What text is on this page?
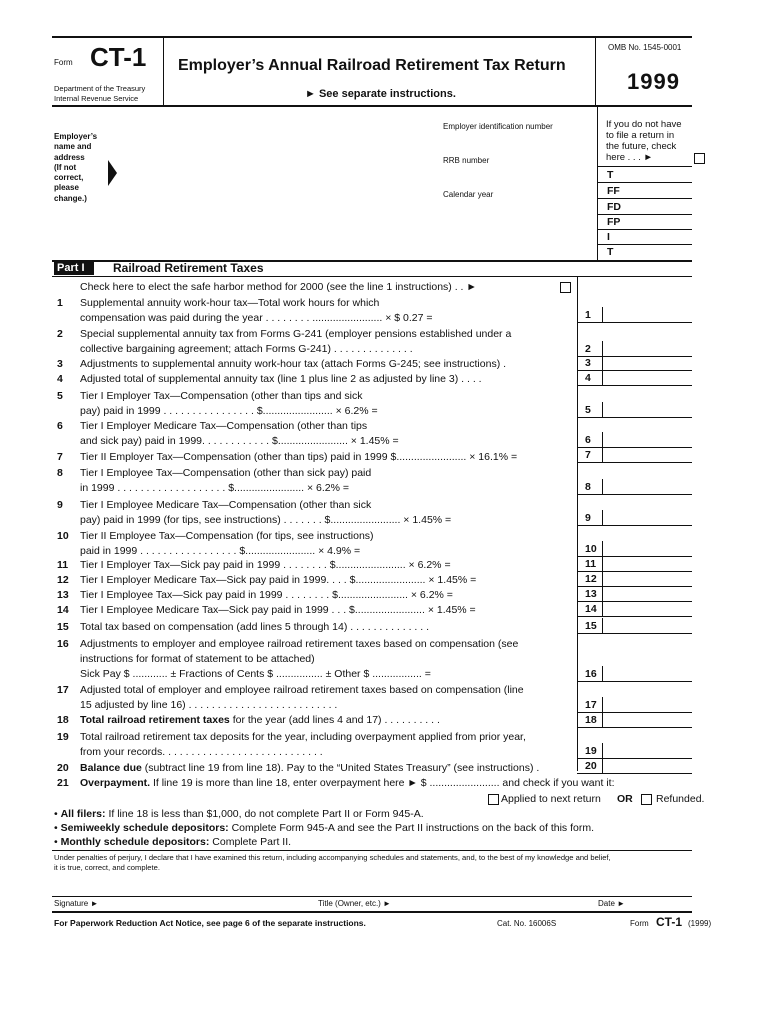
Form CT-1
Department of the Treasury
Internal Revenue Service
Employer’s Annual Railroad Retirement Tax Return
► See separate instructions.
OMB No. 1545-0001
1999
Employer’s
name and
address
(If not
correct,
please
change.)
Employer identification number
RRB number
Calendar year
If you do not have
to file a return in
the future, check
here . . . ►
T
FF
FD
FP
I
T
Part I Railroad Retirement Taxes
Check here to elect the safe harbor method for 2000 (see the line 1 instructions) . . ►
1	Supplemental annuity work-hour tax—Total work hours for which
compensation was paid during the year . . . . . . . . ........................ × $ 0.27 =	1
2	Special supplemental annuity tax from Forms G-241 (employer pensions established under a
collective bargaining agreement; attach Forms G-241) . . . . . . . . . . . . . .	2
3	Adjustments to supplemental annuity work-hour tax (attach Forms G-245; see instructions) .	3
4	Adjusted total of supplemental annuity tax (line 1 plus line 2 as adjusted by line 3) . . . .	4
5	Tier I Employer Tax—Compensation (other than tips and sick
pay) paid in 1999 . . . . . . . . . . . . . . . . $........................ × 6.2% =	5
6	Tier I Employer Medicare Tax—Compensation (other than tips
and sick pay) paid in 1999. . . . . . . . . . . . $........................ × 1.45% =	6
7	Tier II Employer Tax—Compensation (other than tips) paid in 1999 $........................ × 16.1% =	7
8	Tier I Employee Tax—Compensation (other than sick pay) paid
in 1999 . . . . . . . . . . . . . . . . . . . $........................ × 6.2% =	8
9	Tier I Employee Medicare Tax—Compensation (other than sick
pay) paid in 1999 (for tips, see instructions) . . . . . . . $........................ × 1.45% =	9
10	Tier II Employee Tax—Compensation (for tips, see instructions)
paid in 1999 . . . . . . . . . . . . . . . . . $........................ × 4.9% =	10
11	Tier I Employer Tax—Sick pay paid in 1999 . . . . . . . . $........................ × 6.2% =	11
12	Tier I Employer Medicare Tax—Sick pay paid in 1999. . . . $........................ × 1.45% =	12
13	Tier I Employee Tax—Sick pay paid in 1999 . . . . . . . . $........................ × 6.2% =	13
14	Tier I Employee Medicare Tax—Sick pay paid in 1999 . . . $........................ × 1.45% =	14
15	Total tax based on compensation (add lines 5 through 14) . . . . . . . . . . . . . .	15
16	Adjustments to employer and employee railroad retirement taxes based on compensation (see
instructions for format of statement to be attached)
Sick Pay $ ............ ± Fractions of Cents $ ................ ± Other $ ................. =	16
17	Adjusted total of employer and employee railroad retirement taxes based on compensation (line
15 adjusted by line 16) . . . . . . . . . . . . . . . . . . . . . . . . . .	17
18	Total railroad retirement taxes for the year (add lines 4 and 17) . . . . . . . . . .	18
19	Total railroad retirement tax deposits for the year, including overpayment applied from prior year,
from your records. . . . . . . . . . . . . . . . . . . . . . . . . . . .	19
20	Balance due (subtract line 19 from line 18). Pay to the “United States Treasury” (see instructions) .	20
21	Overpayment. If line 19 is more than line 18, enter overpayment here ► $ ........................ and check if you want it:
Applied to next return OR Refunded.
• All filers: If line 18 is less than $1,000, do not complete Part II or Form 945-A.
• Semiweekly schedule depositors: Complete Form 945-A and see the Part II instructions on the back of this form.
• Monthly schedule depositors: Complete Part II.
Under penalties of perjury, I declare that I have examined this return, including accompanying schedules and statements, and, to the best of my knowledge and belief,
it is true, correct, and complete.
Signature ►	Title (Owner, etc.) ►	Date ►
For Paperwork Reduction Act Notice, see page 6 of the separate instructions.	Cat. No. 16006S	Form CT-1 (1999)
